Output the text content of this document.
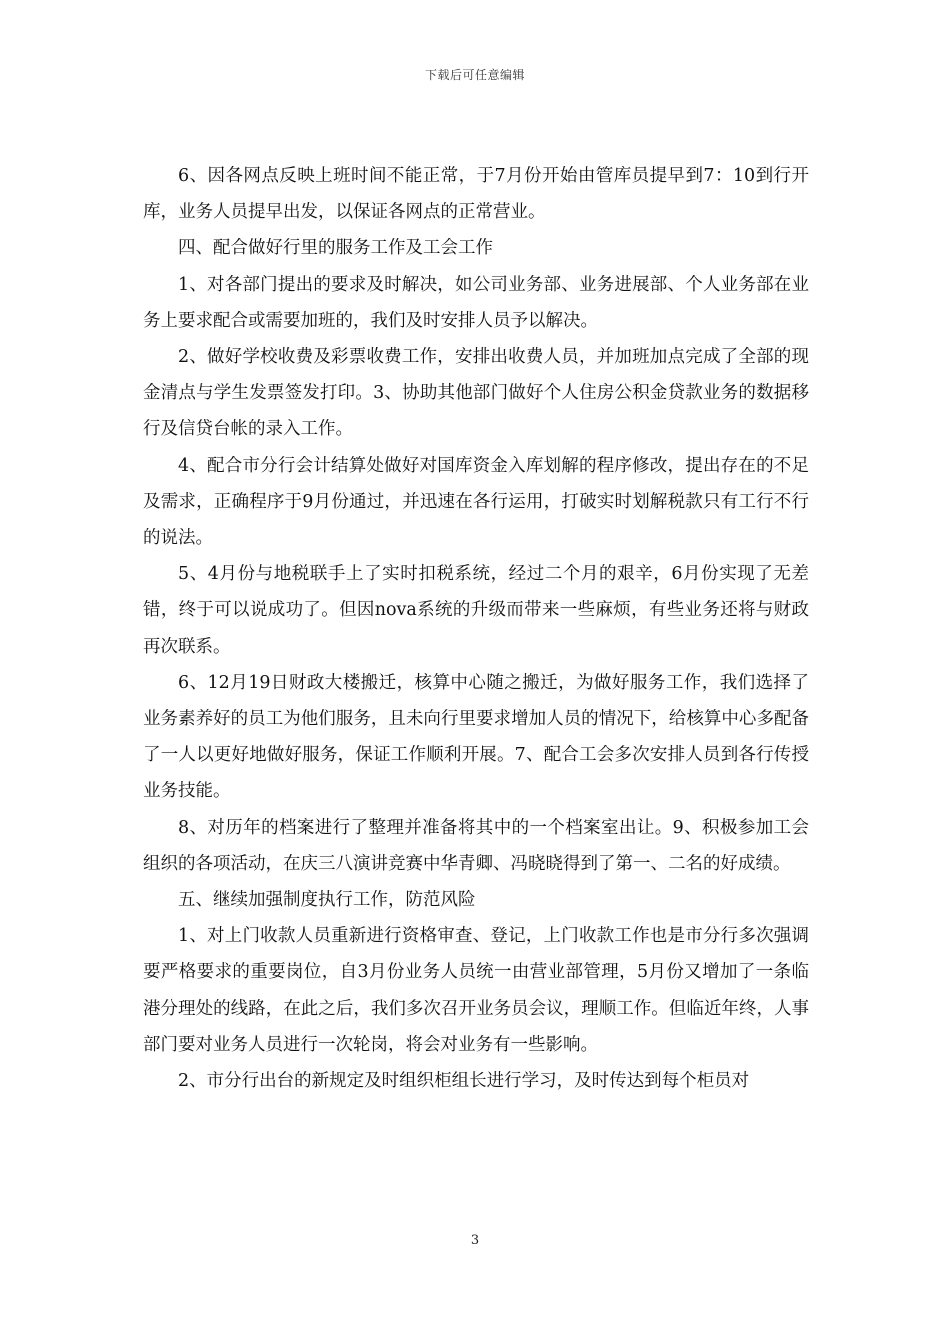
下载后可任意编辑

6、因各网点反映上班时间不能正常，于7月份开始由管库员提早到7：10到行开库，业务人员提早出发，以保证各网点的正常营业。

四、配合做好行里的服务工作及工会工作

1、对各部门提出的要求及时解决，如公司业务部、业务进展部、个人业务部在业务上要求配合或需要加班的，我们及时安排人员予以解决。

2、做好学校收费及彩票收费工作，安排出收费人员，并加班加点完成了全部的现金清点与学生发票签发打印。3、协助其他部门做好个人住房公积金贷款业务的数据移行及信贷台帐的录入工作。

4、配合市分行会计结算处做好对国库资金入库划解的程序修改，提出存在的不足及需求，正确程序于9月份通过，并迅速在各行运用，打破实时划解税款只有工行不行的说法。

5、4月份与地税联手上了实时扣税系统，经过二个月的艰辛，6月份实现了无差错，终于可以说成功了。但因nova系统的升级而带来一些麻烦，有些业务还将与财政再次联系。

6、12月19日财政大楼搬迁，核算中心随之搬迁，为做好服务工作，我们选择了业务素养好的员工为他们服务，且未向行里要求增加人员的情况下，给核算中心多配备了一人以更好地做好服务，保证工作顺利开展。7、配合工会多次安排人员到各行传授业务技能。

8、对历年的档案进行了整理并准备将其中的一个档案室出让。9、积极参加工会组织的各项活动，在庆三八演讲竞赛中华青卿、冯晓晓得到了第一、二名的好成绩。

五、继续加强制度执行工作，防范风险

1、对上门收款人员重新进行资格审查、登记，上门收款工作也是市分行多次强调要严格要求的重要岗位，自3月份业务人员统一由营业部管理，5月份又增加了一条临港分理处的线路，在此之后，我们多次召开业务员会议，理顺工作。但临近年终，人事部门要对业务人员进行一次轮岗，将会对业务有一些影响。

2、市分行出台的新规定及时组织柜组长进行学习，及时传达到每个柜员对

3
